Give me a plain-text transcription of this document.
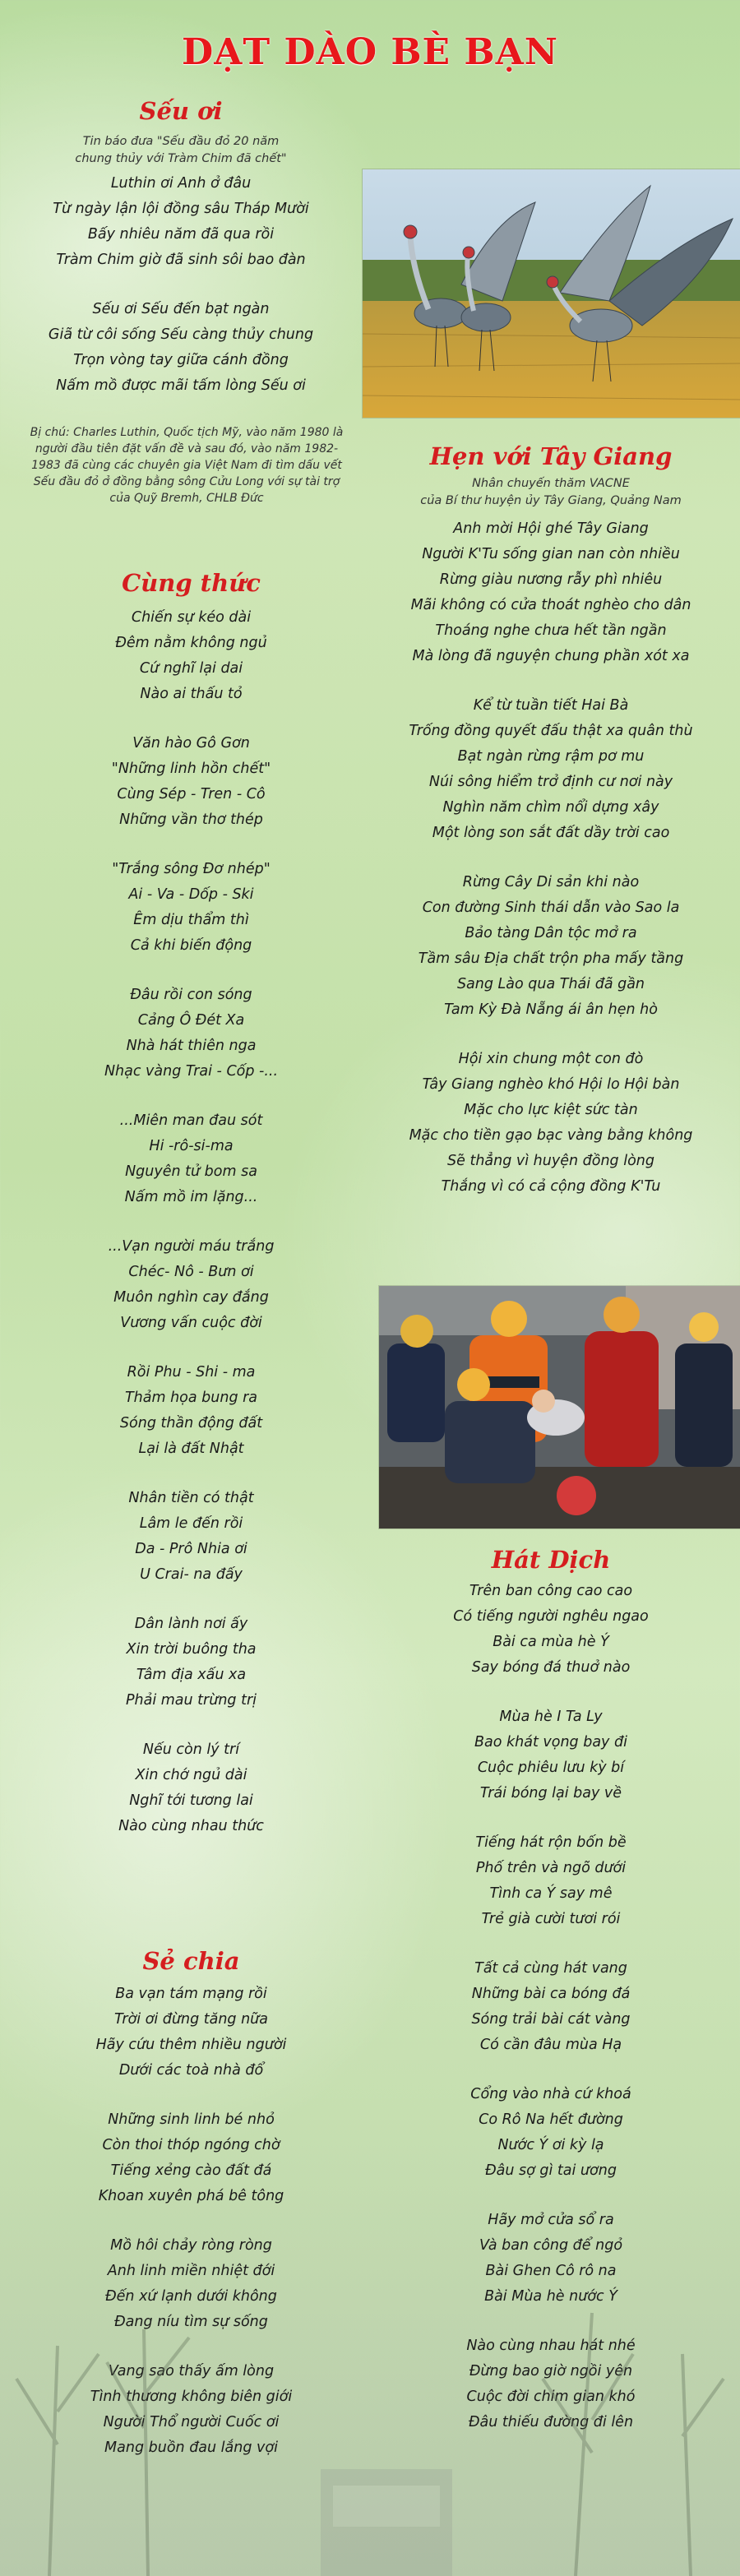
DẠT DÀO BÈ BẠN
Sếu ơi
Tin báo đưa "Sếu đầu đỏ 20 năm
chung thủy với Tràm Chim đã chết"
Luthin ơi Anh ở đâu
Từ ngày lận lội đồng sâu Tháp Mười
Bấy nhiêu năm đã qua rồi
Tràm Chim giờ đã sinh sôi bao đàn
Sếu ơi Sếu đến bạt ngàn
Giã từ côi sống Sếu càng thủy chung
Trọn vòng tay giữa cánh đồng
Nấm mồ được mãi tấm lòng Sếu ơi
Bị chú: Charles Luthin, Quốc tịch Mỹ, vào năm 1980 là
người đầu tiên đặt vấn đề và sau đó, vào năm 1982-
1983 đã cùng các chuyên gia Việt Nam đi tìm dấu vết
Sếu đầu đỏ ở đồng bằng sông Cửu Long với sự tài trợ
của Quỹ Bremh, CHLB Đức
Cùng thức
Chiến sự kéo dài
Đêm nằm không ngủ
Cứ nghĩ lại dai
Nào ai thấu tỏ
Văn hào Gô Gơn
"Những linh hồn chết"
Cùng Sép - Tren - Cô
Những vần thơ thép
"Trắng sông Đơ nhép"
Ai - Va - Dốp - Ski
Êm dịu thẩm thì
Cả khi biến động
Đâu rồi con sóng
Cảng Ô Đét Xa
Nhà hát thiên nga
Nhạc vàng Trai - Cốp -...
...Miên man đau sót
Hi -rô-si-ma
Nguyên tử bom sa
Nấm mồ im lặng...
...Vạn người máu trắng
Chéc- Nô - Bưn ơi
Muôn nghìn cay đắng
Vương vấn cuộc đời
Rồi Phu - Shi - ma
Thảm họa bung ra
Sóng thần động đất
Lại là đất Nhật
Nhân tiền có thật
Lâm le đến rồi
Da - Prô Nhia ơi
U Crai- na đấy
Dân lành nơi ấy
Xin trời buông tha
Tâm địa xấu xa
Phải mau trừng trị
Nếu còn lý trí
Xin chớ ngủ dài
Nghĩ tới tương lai
Nào cùng nhau thức
Sẻ chia
Ba vạn tám mạng rồi
Trời ơi đừng tăng nữa
Hãy cứu thêm nhiều người
Dưới các toà nhà đổ
Những sinh linh bé nhỏ
Còn thoi thóp ngóng chờ
Tiếng xẻng cào đất đá
Khoan xuyên phá bê tông
Mồ hôi chảy ròng ròng
Anh linh miền nhiệt đới
Đến xứ lạnh dưới không
Đang níu tìm sự sống
Vang sao thấy ấm lòng
Tình thương không biên giới
Người Thổ người Cuốc ơi
Mang buồn đau lắng vợi
Hẹn với Tây Giang
Nhân chuyến thăm VACNE
của Bí thư huyện ủy Tây Giang, Quảng Nam
Anh mời Hội ghé Tây Giang
Người K'Tu sống gian nan còn nhiều
Rừng giàu nương rẫy phì nhiêu
Mãi không có cửa thoát nghèo cho dân
Thoáng nghe chưa hết tần ngần
Mà lòng đã nguyện chung phần xót xa
Kể từ tuần tiết Hai Bà
Trống đồng quyết đấu thật xa quân thù
Bạt ngàn rừng rậm pơ mu
Núi sông hiểm trở định cư nơi này
Nghìn năm chìm nổi dựng xây
Một lòng son sắt đất dầy trời cao
Rừng Cây Di sản khi nào
Con đường Sinh thái dẫn vào Sao la
Bảo tàng Dân tộc mở ra
Tầm sâu Địa chất trộn pha mấy tầng
Sang Lào qua Thái đã gần
Tam Kỳ Đà Nẵng ái ân hẹn hò
Hội xin chung một con đò
Tây Giang nghèo khó Hội lo Hội bàn
Mặc cho lực kiệt sức tàn
Mặc cho tiền gạo bạc vàng bằng không
Sẽ thẳng vì huyện đồng lòng
Thắng vì có cả cộng đồng K'Tu
Hát Dịch
Trên ban công cao cao
Có tiếng người nghêu ngao
Bài ca mùa hè Ý
Say bóng đá thuở nào
Mùa hè I Ta Ly
Bao khát vọng bay đi
Cuộc phiêu lưu kỳ bí
Trái bóng lại bay về
Tiếng hát rộn bốn bề
Phố trên và ngõ dưới
Tình ca Ý say mê
Trẻ già cười tươi rói
Tất cả cùng hát vang
Những bài ca bóng đá
Sóng trải bài cát vàng
Có cần đâu mùa Hạ
Cổng vào nhà cứ khoá
Co Rô Na hết đường
Nước Ý ơi kỳ lạ
Đâu sợ gì tai ương
Hãy mở cửa sổ ra
Và ban công để ngỏ
Bài Ghen Cô rô na
Bài Mùa hè nước Ý
Nào cùng nhau hát nhé
Đừng bao giờ ngồi yên
Cuộc đời chim gian khó
Đâu thiếu đường đi lên
